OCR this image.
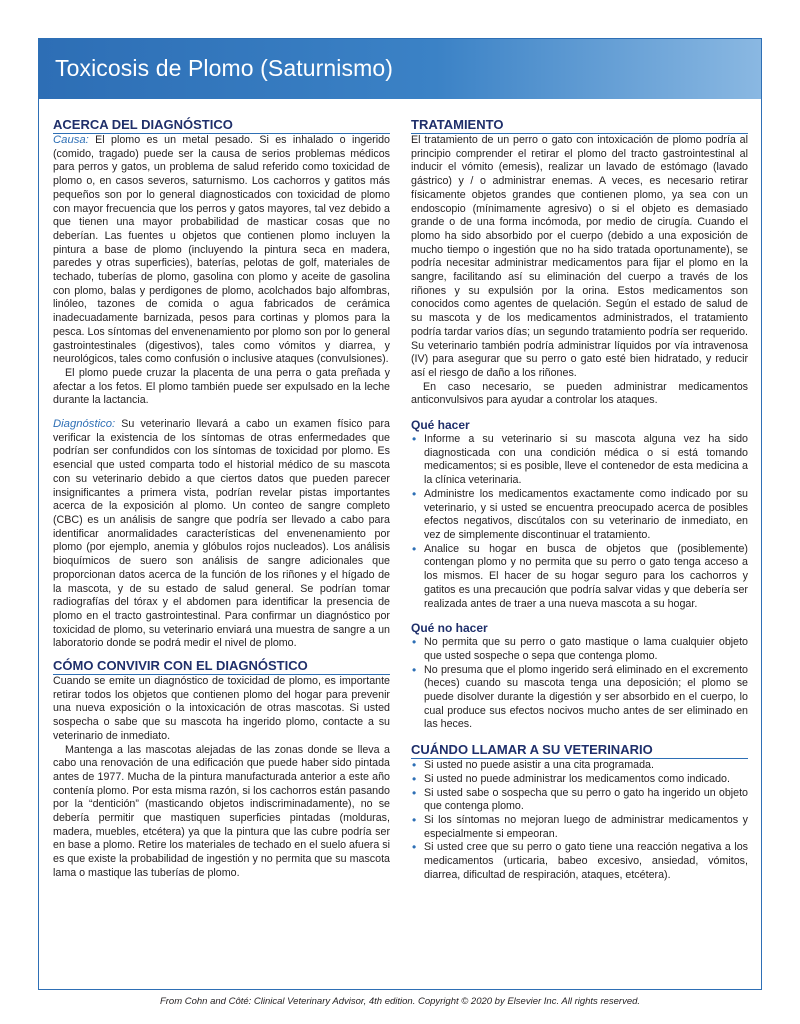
Toxicosis de Plomo (Saturnismo)
ACERCA DEL DIAGNÓSTICO

Causa: El plomo es un metal pesado. Si es inhalado o ingerido (comido, tragado) puede ser la causa de serios problemas médicos para perros y gatos, un problema de salud referido como toxicidad de plomo o, en casos severos, saturnismo. Los cachorros y gatitos más pequeños son por lo general diagnosticados con toxicidad de plomo con mayor frecuencia que los perros y gatos mayores, tal vez debido a que tienen una mayor probabilidad de masticar cosas que no deberían. Las fuentes u objetos que contienen plomo incluyen la pintura a base de plomo (incluyendo la pintura seca en madera, paredes y otras superficies), baterías, pelotas de golf, materiales de techado, tuberías de plomo, gasolina con plomo y aceite de gasolina con plomo, balas y perdigones de plomo, acolchados bajo alfombras, linóleo, tazones de comida o agua fabricados de cerámica inadecuadamente barnizada, pesos para cortinas y plomos para la pesca. Los síntomas del envenenamiento por plomo son por lo general gastrointestinales (digestivos), tales como vómitos y diarrea, y neurológicos, tales como confusión o inclusive ataques (convulsiones).

El plomo puede cruzar la placenta de una perra o gata preñada y afectar a los fetos. El plomo también puede ser expulsado en la leche durante la lactancia.

Diagnóstico: Su veterinario llevará a cabo un examen físico para verificar la existencia de los síntomas de otras enfermedades que podrían ser confundidos con los síntomas de toxicidad por plomo. Es esencial que usted comparta todo el historial médico de su mascota con su veterinario debido a que ciertos datos que pueden parecer insignificantes a primera vista, podrían revelar pistas importantes acerca de la exposición al plomo. Un conteo de sangre completo (CBC) es un análisis de sangre que podría ser llevado a cabo para identificar anormalidades características del envenenamiento por plomo (por ejemplo, anemia y glóbulos rojos nucleados). Los análisis bioquímicos de suero son análisis de sangre adicionales que proporcionan datos acerca de la función de los riñones y el hígado de la mascota, y de su estado de salud general. Se podrían tomar radiografías del tórax y el abdomen para identificar la presencia de plomo en el tracto gastrointestinal. Para confirmar un diagnóstico por toxicidad de plomo, su veterinario enviará una muestra de sangre a un laboratorio donde se podrá medir el nivel de plomo.

CÓMO CONVIVIR CON EL DIAGNÓSTICO

Cuando se emite un diagnóstico de toxicidad de plomo, es importante retirar todos los objetos que contienen plomo del hogar para prevenir una nueva exposición o la intoxicación de otras mascotas. Si usted sospecha o sabe que su mascota ha ingerido plomo, contacte a su veterinario de inmediato.

Mantenga a las mascotas alejadas de las zonas donde se lleva a cabo una renovación de una edificación que puede haber sido pintada antes de 1977. Mucha de la pintura manufacturada anterior a este año contenía plomo. Por esta misma razón, si los cachorros están pasando por la “dentición” (masticando objetos indiscriminadamente), no se debería permitir que mastiquen superficies pintadas (molduras, madera, muebles, etcétera) ya que la pintura que las cubre podría ser en base a plomo. Retire los materiales de techado en el suelo afuera si es que existe la probabilidad de ingestión y no permita que su mascota lama o mastique las tuberías de plomo.

TRATAMIENTO

El tratamiento de un perro o gato con intoxicación de plomo podría al principio comprender el retirar el plomo del tracto gastrointestinal al inducir el vómito (emesis), realizar un lavado de estómago (lavado gástrico) y / o administrar enemas. A veces, es necesario retirar físicamente objetos grandes que contienen plomo, ya sea con un endoscopio (mínimamente agresivo) o si el objeto es demasiado grande o de una forma incómoda, por medio de cirugía. Cuando el plomo ha sido absorbido por el cuerpo (debido a una exposición de mucho tiempo o ingestión que no ha sido tratada oportunamente), se podría necesitar administrar medicamentos para fijar el plomo en la sangre, facilitando así su eliminación del cuerpo a través de los riñones y su expulsión por la orina. Estos medicamentos son conocidos como agentes de quelación. Según el estado de salud de su mascota y de los medicamentos administrados, el tratamiento podría tardar varios días; un segundo tratamiento podría ser requerido. Su veterinario también podría administrar líquidos por vía intravenosa (IV) para asegurar que su perro o gato esté bien hidratado, y reducir así el riesgo de daño a los riñones.

En caso necesario, se pueden administrar medicamentos anticonvulsivos para ayudar a controlar los ataques.

Qué hacer
• Informe a su veterinario si su mascota alguna vez ha sido diagnosticada con una condición médica o si está tomando medicamentos; si es posible, lleve el contenedor de esta medicina a la clínica veterinaria.
• Administre los medicamentos exactamente como indicado por su veterinario, y si usted se encuentra preocupado acerca de posibles efectos negativos, discútalos con su veterinario de inmediato, en vez de simplemente discontinuar el tratamiento.
• Analice su hogar en busca de objetos que (posiblemente) contengan plomo y no permita que su perro o gato tenga acceso a los mismos. El hacer de su hogar seguro para los cachorros y gatitos es una precaución que podría salvar vidas y que debería ser realizada antes de traer a una nueva mascota a su hogar.
Qué no hacer
• No permita que su perro o gato mastique o lama cualquier objeto que usted sospeche o sepa que contenga plomo.
• No presuma que el plomo ingerido será eliminado en el excremento (heces) cuando su mascota tenga una deposición; el plomo se puede disolver durante la digestión y ser absorbido en el cuerpo, lo cual produce sus efectos nocivos mucho antes de ser eliminado en las heces.
CUÁNDO LLAMAR A SU VETERINARIO
• Si usted no puede asistir a una cita programada.
• Si usted no puede administrar los medicamentos como indicado.
• Si usted sabe o sospecha que su perro o gato ha ingerido un objeto que contenga plomo.
• Si los síntomas no mejoran luego de administrar medicamentos y especialmente si empeoran.
• Si usted cree que su perro o gato tiene una reacción negativa a los medicamentos (urticaria, babeo excesivo, ansiedad, vómitos, diarrea, dificultad de respiración, ataques, etcétera).
From Cohn and Côté: Clinical Veterinary Advisor, 4th edition. Copyright © 2020 by Elsevier Inc. All rights reserved.
